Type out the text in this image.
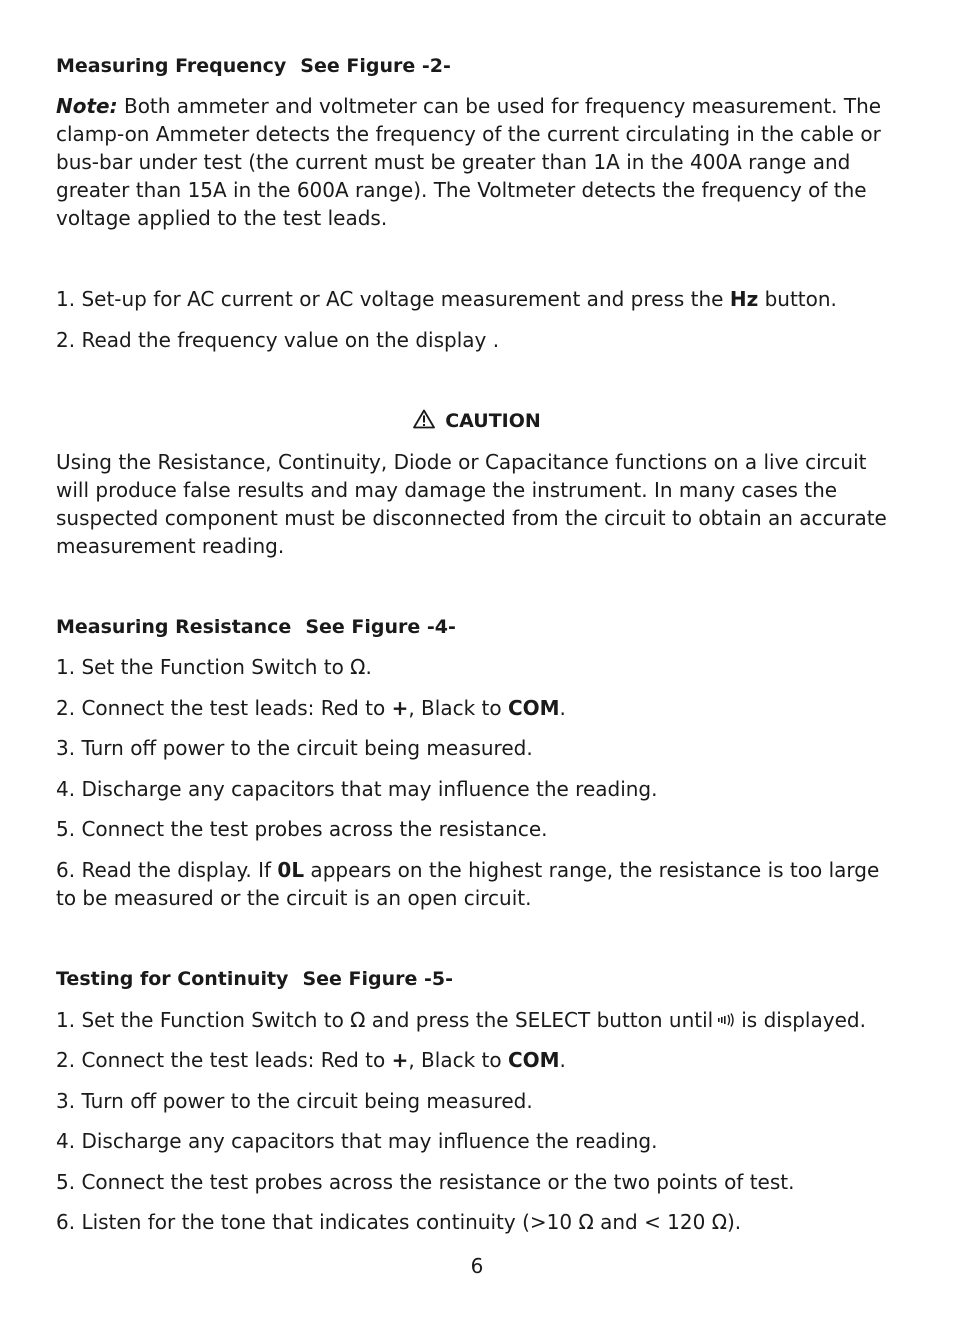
Measuring Frequency See Figure -2-
Note: Both ammeter and voltmeter can be used for frequency measurement. The clamp-on Ammeter detects the frequency of the current circulating in the cable or bus-bar under test (the current must be greater than 1A in the 400A range and greater than 15A in the 600A range). The Voltmeter detects the frequency of the voltage applied to the test leads.
1. Set-up for AC current or AC voltage measurement and press the Hz button.
2. Read the frequency value on the display .
CAUTION
Using the Resistance, Continuity, Diode or Capacitance functions on a live circuit will produce false results and may damage the instrument. In many cases the suspected component must be disconnected from the circuit to obtain an accurate measurement reading.
Measuring Resistance See Figure -4-
1. Set the Function Switch to Ω.
2. Connect the test leads: Red to +, Black to COM.
3. Turn off power to the circuit being measured.
4. Discharge any capacitors that may influence the reading.
5. Connect the test probes across the resistance.
6. Read the display. If 0L appears on the highest range, the resistance is too large
to be measured or the circuit is an open circuit.
Testing for Continuity See Figure -5-
1. Set the Function Switch to Ω and press the SELECT button until is displayed.
2. Connect the test leads: Red to +, Black to COM.
3. Turn off power to the circuit being measured.
4. Discharge any capacitors that may influence the reading.
5. Connect the test probes across the resistance or the two points of test.
6. Listen for the tone that indicates continuity (>10 Ω and < 120 Ω).
6
